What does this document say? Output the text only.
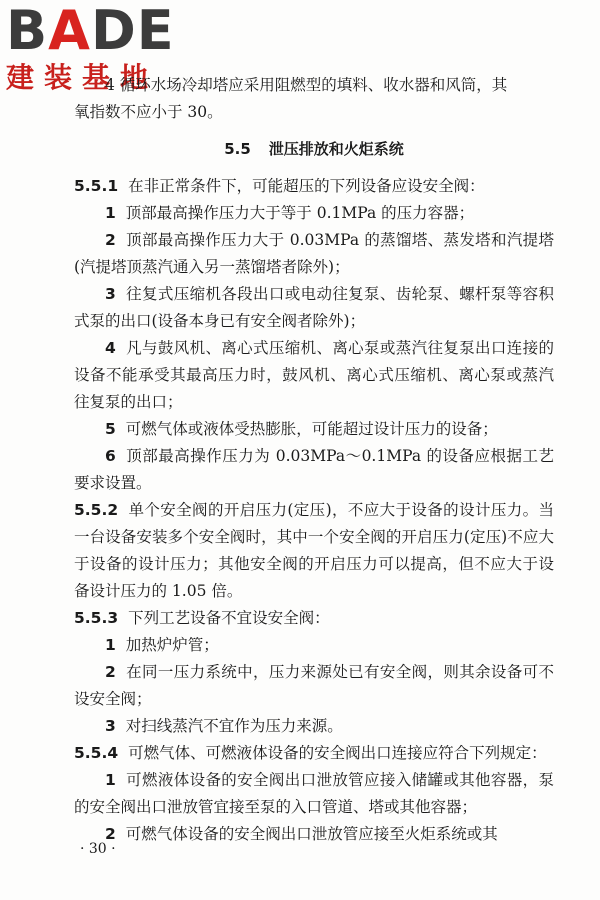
BADE
建装基地

4 循环水场冷却塔应采用阻燃型的填料、收水器和风筒，其
氧指数不应小于 30。

5.5 泄压排放和火炬系统

5.5.1 在非正常条件下，可能超压的下列设备应设安全阀：

1 顶部最高操作压力大于等于 0.1MPa 的压力容器；

2 顶部最高操作压力大于 0.03MPa 的蒸馏塔、蒸发塔和汽提塔(汽提塔顶蒸汽通入另一蒸馏塔者除外)；

3 往复式压缩机各段出口或电动往复泵、齿轮泵、螺杆泵等容积式泵的出口(设备本身已有安全阀者除外)；

4 凡与鼓风机、离心式压缩机、离心泵或蒸汽往复泵出口连接的设备不能承受其最高压力时，鼓风机、离心式压缩机、离心泵或蒸汽往复泵的出口；

5 可燃气体或液体受热膨胀，可能超过设计压力的设备；

6 顶部最高操作压力为 0.03MPa～0.1MPa 的设备应根据工艺要求设置。

5.5.2 单个安全阀的开启压力(定压)，不应大于设备的设计压力。当一台设备安装多个安全阀时，其中一个安全阀的开启压力(定压)不应大于设备的设计压力；其他安全阀的开启压力可以提高，但不应大于设备设计压力的 1.05 倍。

5.5.3 下列工艺设备不宜设安全阀：

1 加热炉炉管；

2 在同一压力系统中，压力来源处已有安全阀，则其余设备可不设安全阀；

3 对扫线蒸汽不宜作为压力来源。

5.5.4 可燃气体、可燃液体设备的安全阀出口连接应符合下列规定：

1 可燃液体设备的安全阀出口泄放管应接入储罐或其他容器，泵的安全阀出口泄放管宜接至泵的入口管道、塔或其他容器；

2 可燃气体设备的安全阀出口泄放管应接至火炬系统或其

· 30 ·
